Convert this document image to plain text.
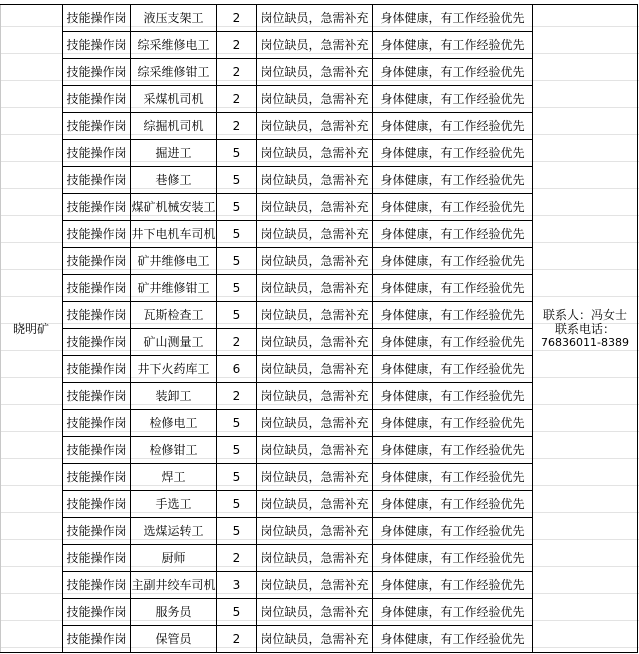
晓明矿	技能操作岗	液压支架工	2	岗位缺员，急需补充	身体健康，有工作经验优先	联系人：冯女士
联系电话：
76836011-8389

	技能操作岗	综采维修电工	2	岗位缺员，急需补充	身体健康，有工作经验优先	
	技能操作岗	综采维修钳工	2	岗位缺员，急需补充	身体健康，有工作经验优先	
	技能操作岗	采煤机司机	2	岗位缺员，急需补充	身体健康，有工作经验优先	
	技能操作岗	综掘机司机	2	岗位缺员，急需补充	身体健康，有工作经验优先	
	技能操作岗	掘进工	5	岗位缺员，急需补充	身体健康，有工作经验优先	
	技能操作岗	巷修工	5	岗位缺员，急需补充	身体健康，有工作经验优先	
	技能操作岗	煤矿机械安装工	5	岗位缺员，急需补充	身体健康，有工作经验优先	
	技能操作岗	井下电机车司机	5	岗位缺员，急需补充	身体健康，有工作经验优先	
	技能操作岗	矿井维修电工	5	岗位缺员，急需补充	身体健康，有工作经验优先	
	技能操作岗	矿井维修钳工	5	岗位缺员，急需补充	身体健康，有工作经验优先	
	技能操作岗	瓦斯检查工	5	岗位缺员，急需补充	身体健康，有工作经验优先	
	技能操作岗	矿山测量工	2	岗位缺员，急需补充	身体健康，有工作经验优先	
	技能操作岗	井下火药库工	6	岗位缺员，急需补充	身体健康，有工作经验优先	
	技能操作岗	装卸工	2	岗位缺员，急需补充	身体健康，有工作经验优先	
	技能操作岗	检修电工	5	岗位缺员，急需补充	身体健康，有工作经验优先	
	技能操作岗	检修钳工	5	岗位缺员，急需补充	身体健康，有工作经验优先	
	技能操作岗	焊工	5	岗位缺员，急需补充	身体健康，有工作经验优先	
	技能操作岗	手选工	5	岗位缺员，急需补充	身体健康，有工作经验优先	
	技能操作岗	选煤运转工	5	岗位缺员，急需补充	身体健康，有工作经验优先	
	技能操作岗	厨师	2	岗位缺员，急需补充	身体健康，有工作经验优先	
	技能操作岗	主副井绞车司机	3	岗位缺员，急需补充	身体健康，有工作经验优先	
	技能操作岗	服务员	5	岗位缺员，急需补充	身体健康，有工作经验优先	
	技能操作岗	保管员	2	岗位缺员，急需补充	身体健康，有工作经验优先	
